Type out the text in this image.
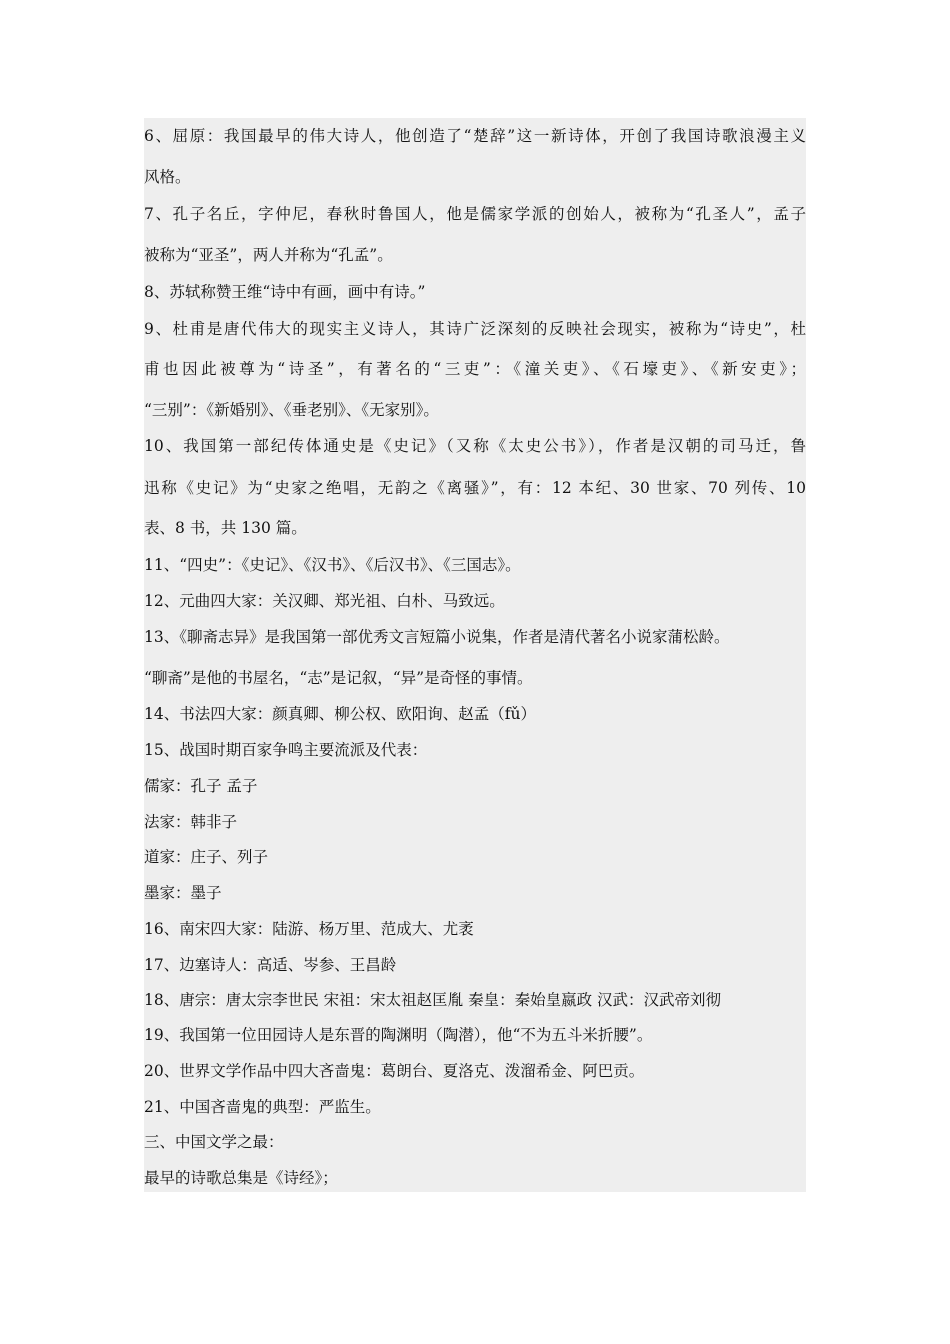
6、屈原：我国最早的伟大诗人，他创造了“楚辞”这一新诗体，开创了我国诗歌浪漫主义
风格。
7、孔子名丘，字仲尼，春秋时鲁国人，他是儒家学派的创始人，被称为“孔圣人”，孟子
被称为“亚圣”，两人并称为“孔孟”。
8、苏轼称赞王维“诗中有画，画中有诗。”
9、杜甫是唐代伟大的现实主义诗人，其诗广泛深刻的反映社会现实，被称为“诗史”，杜
甫也因此被尊为“诗圣”，有著名的“三吏”：《潼关吏》、《石壕吏》、《新安吏》；
“三别”：《新婚别》、《垂老别》、《无家别》。
10、我国第一部纪传体通史是《史记》（又称《太史公书》），作者是汉朝的司马迁，鲁
迅称《史记》为“史家之绝唱，无韵之《离骚》”，有：12 本纪、30 世家、70 列传、10
表、8 书，共 130 篇。
11、“四史”：《史记》、《汉书》、《后汉书》、《三国志》。
12、元曲四大家：关汉卿、郑光祖、白朴、马致远。
13、《聊斋志异》是我国第一部优秀文言短篇小说集，作者是清代著名小说家蒲松龄。
“聊斋”是他的书屋名，“志”是记叙，“异”是奇怪的事情。
14、书法四大家：颜真卿、柳公权、欧阳询、赵孟（fǔ）
15、战国时期百家争鸣主要流派及代表：
儒家：孔子 孟子
法家：韩非子
道家：庄子、列子
墨家：墨子
16、南宋四大家：陆游、杨万里、范成大、尤袤
17、边塞诗人：高适、岑参、王昌龄
18、唐宗：唐太宗李世民 宋祖：宋太祖赵匡胤 秦皇：秦始皇嬴政 汉武：汉武帝刘彻
19、我国第一位田园诗人是东晋的陶渊明（陶潜），他“不为五斗米折腰”。
20、世界文学作品中四大吝啬鬼：葛朗台、夏洛克、泼溜希金、阿巴贡。
21、中国吝啬鬼的典型：严监生。
三、中国文学之最：
最早的诗歌总集是《诗经》；
